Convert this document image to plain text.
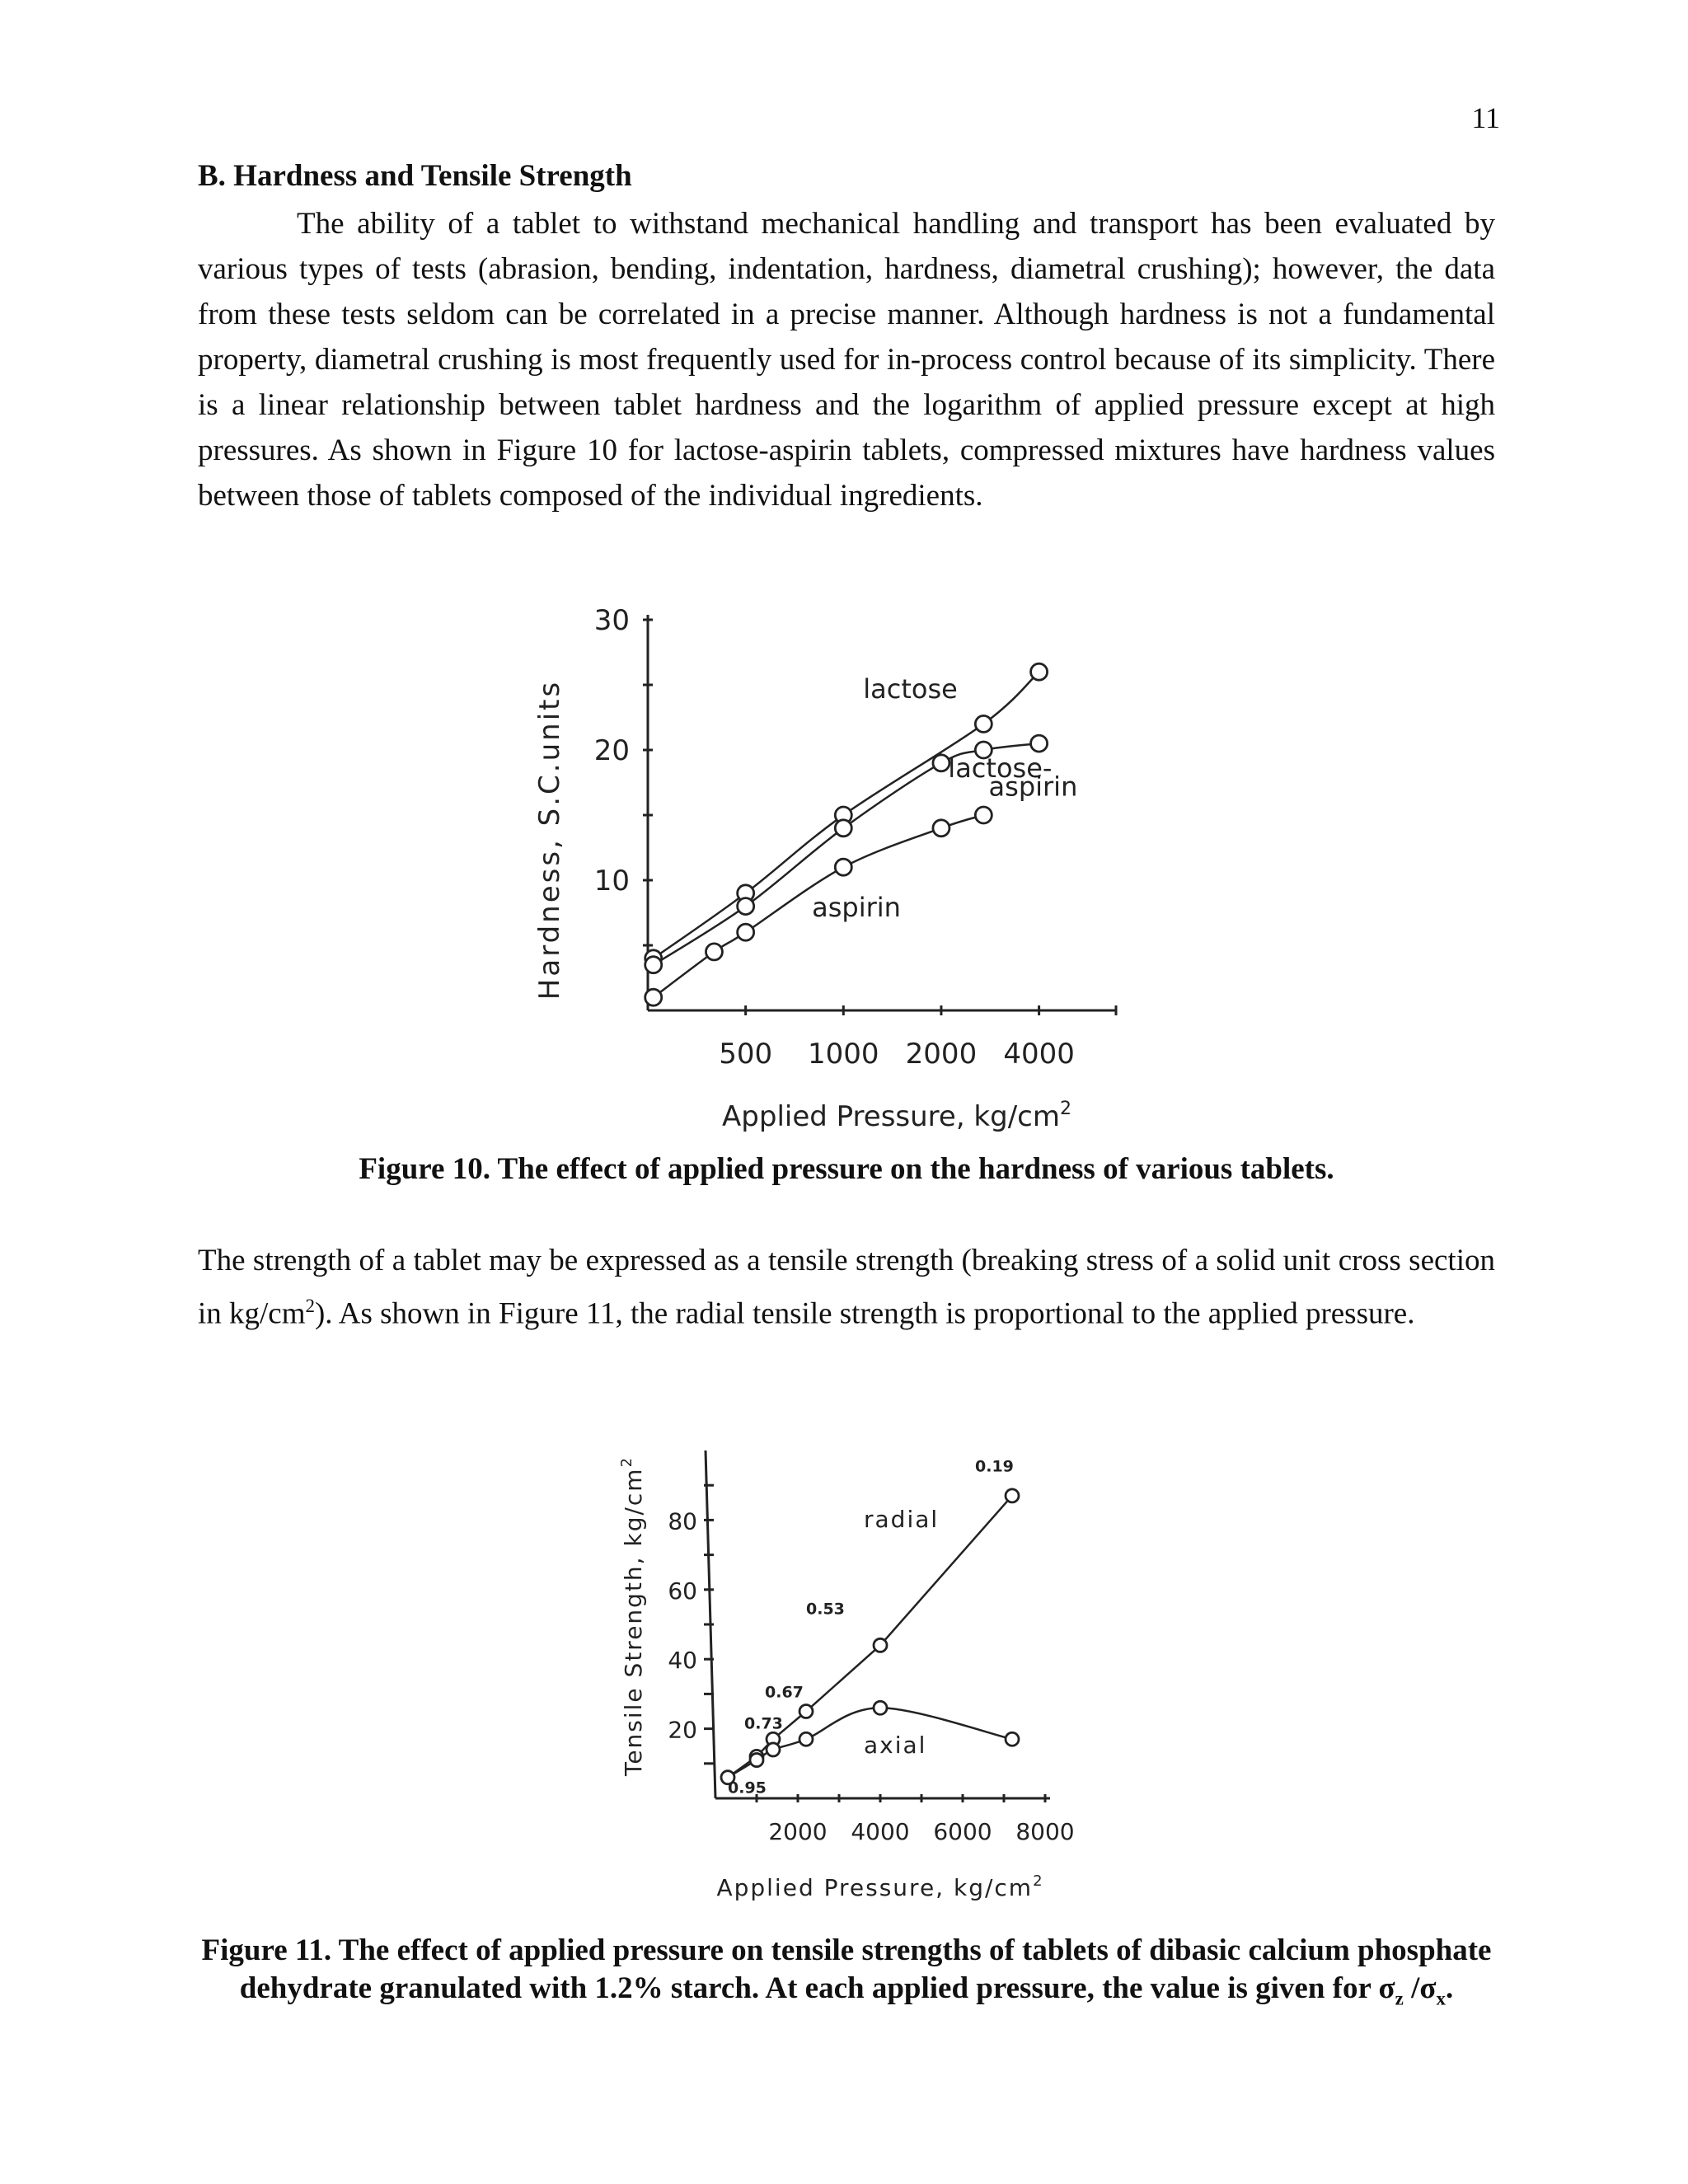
11
B. Hardness and Tensile Strength

The ability of a tablet to withstand mechanical handling and transport has been evaluated by various types of tests (abrasion, bending, indentation, hardness, diametral crushing); however, the data from these tests seldom can be correlated in a precise manner. Although hardness is not a fundamental property, diametral crushing is most frequently used for in-process control because of its simplicity. There is a linear relationship between tablet hardness and the logarithm of applied pressure except at high pressures. As shown in Figure 10 for lactose-aspirin tablets, compressed mixtures have hardness values between those of tablets composed of the individual ingredients.

30
20
10
500 1000 2000 4000
Applied Pressure, $kg/cm^2$
Hardness, S.C.units	lactose
lactose-
aspirin
aspirin

Figure 10. The effect of applied pressure on the hardness of various tablets.

The strength of a tablet may be expressed as a tensile strength (breaking stress of a solid unit cross section in $kg/cm^2$). As shown in Figure 11, the radial tensile strength is proportional to the applied pressure.

80
60
40
20
2000 4000 6000 8000
Applied Pressure, $kg/cm^2$
Tensile Strength, $kg/cm^2$
0.95
0.73
0.67
0.53
0.19
radial
axial

Figure 11. The effect of applied pressure on tensile strengths of tablets of dibasic calcium phosphate dehydrate granulated with 1.2% starch. At each applied pressure, the value is given for $\sigma_z$ $/\sigma_x$.
